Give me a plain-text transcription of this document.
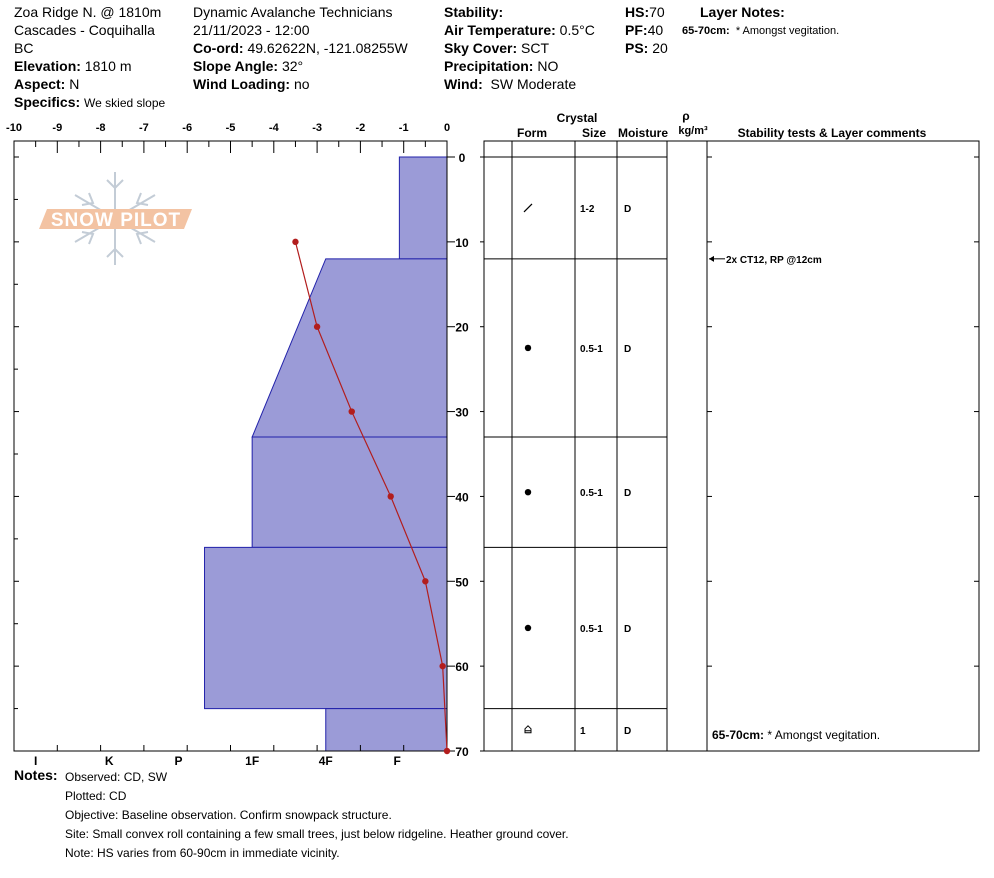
Zoa Ridge N. @ 1810m
Cascades - Coquihalla
BC
Elevation: 1810 m
Aspect: N
Specifics: We skied slope
Dynamic Avalanche Technicians
21/11/2023 - 12:00
Co-ord: 49.62622N, -121.08255W
Slope Angle: 32°
Wind Loading: no
Stability:
Air Temperature: 0.5°C
Sky Cover: SCT
Precipitation: NO
Wind: SW Moderate
HS:70
PF:40
PS: 20
Layer Notes:
65-70cm: * Amongst vegitation.
SNOW PILOT
-10	-9	-8	-7	-6	-5	-4	-3	-2	-1	0
0
10
20
30
40
50
60
70
I	K	P	1F	4F	F
Crystal
Form	Size Moisture
ρ
kg/m³ Stability tests & Layer comments
1-2	D
0.5-1 D
0.5-1 D
0.5-1 D
1	D
2x CT12, RP @12cm
65-70cm: * Amongst vegitation.
Notes: Observed: CD, SW
Plotted: CD
Objective: Baseline observation. Confirm snowpack structure.
Site: Small convex roll containing a few small trees, just below ridgeline. Heather ground cover.
Note: HS varies from 60-90cm in immediate vicinity.
